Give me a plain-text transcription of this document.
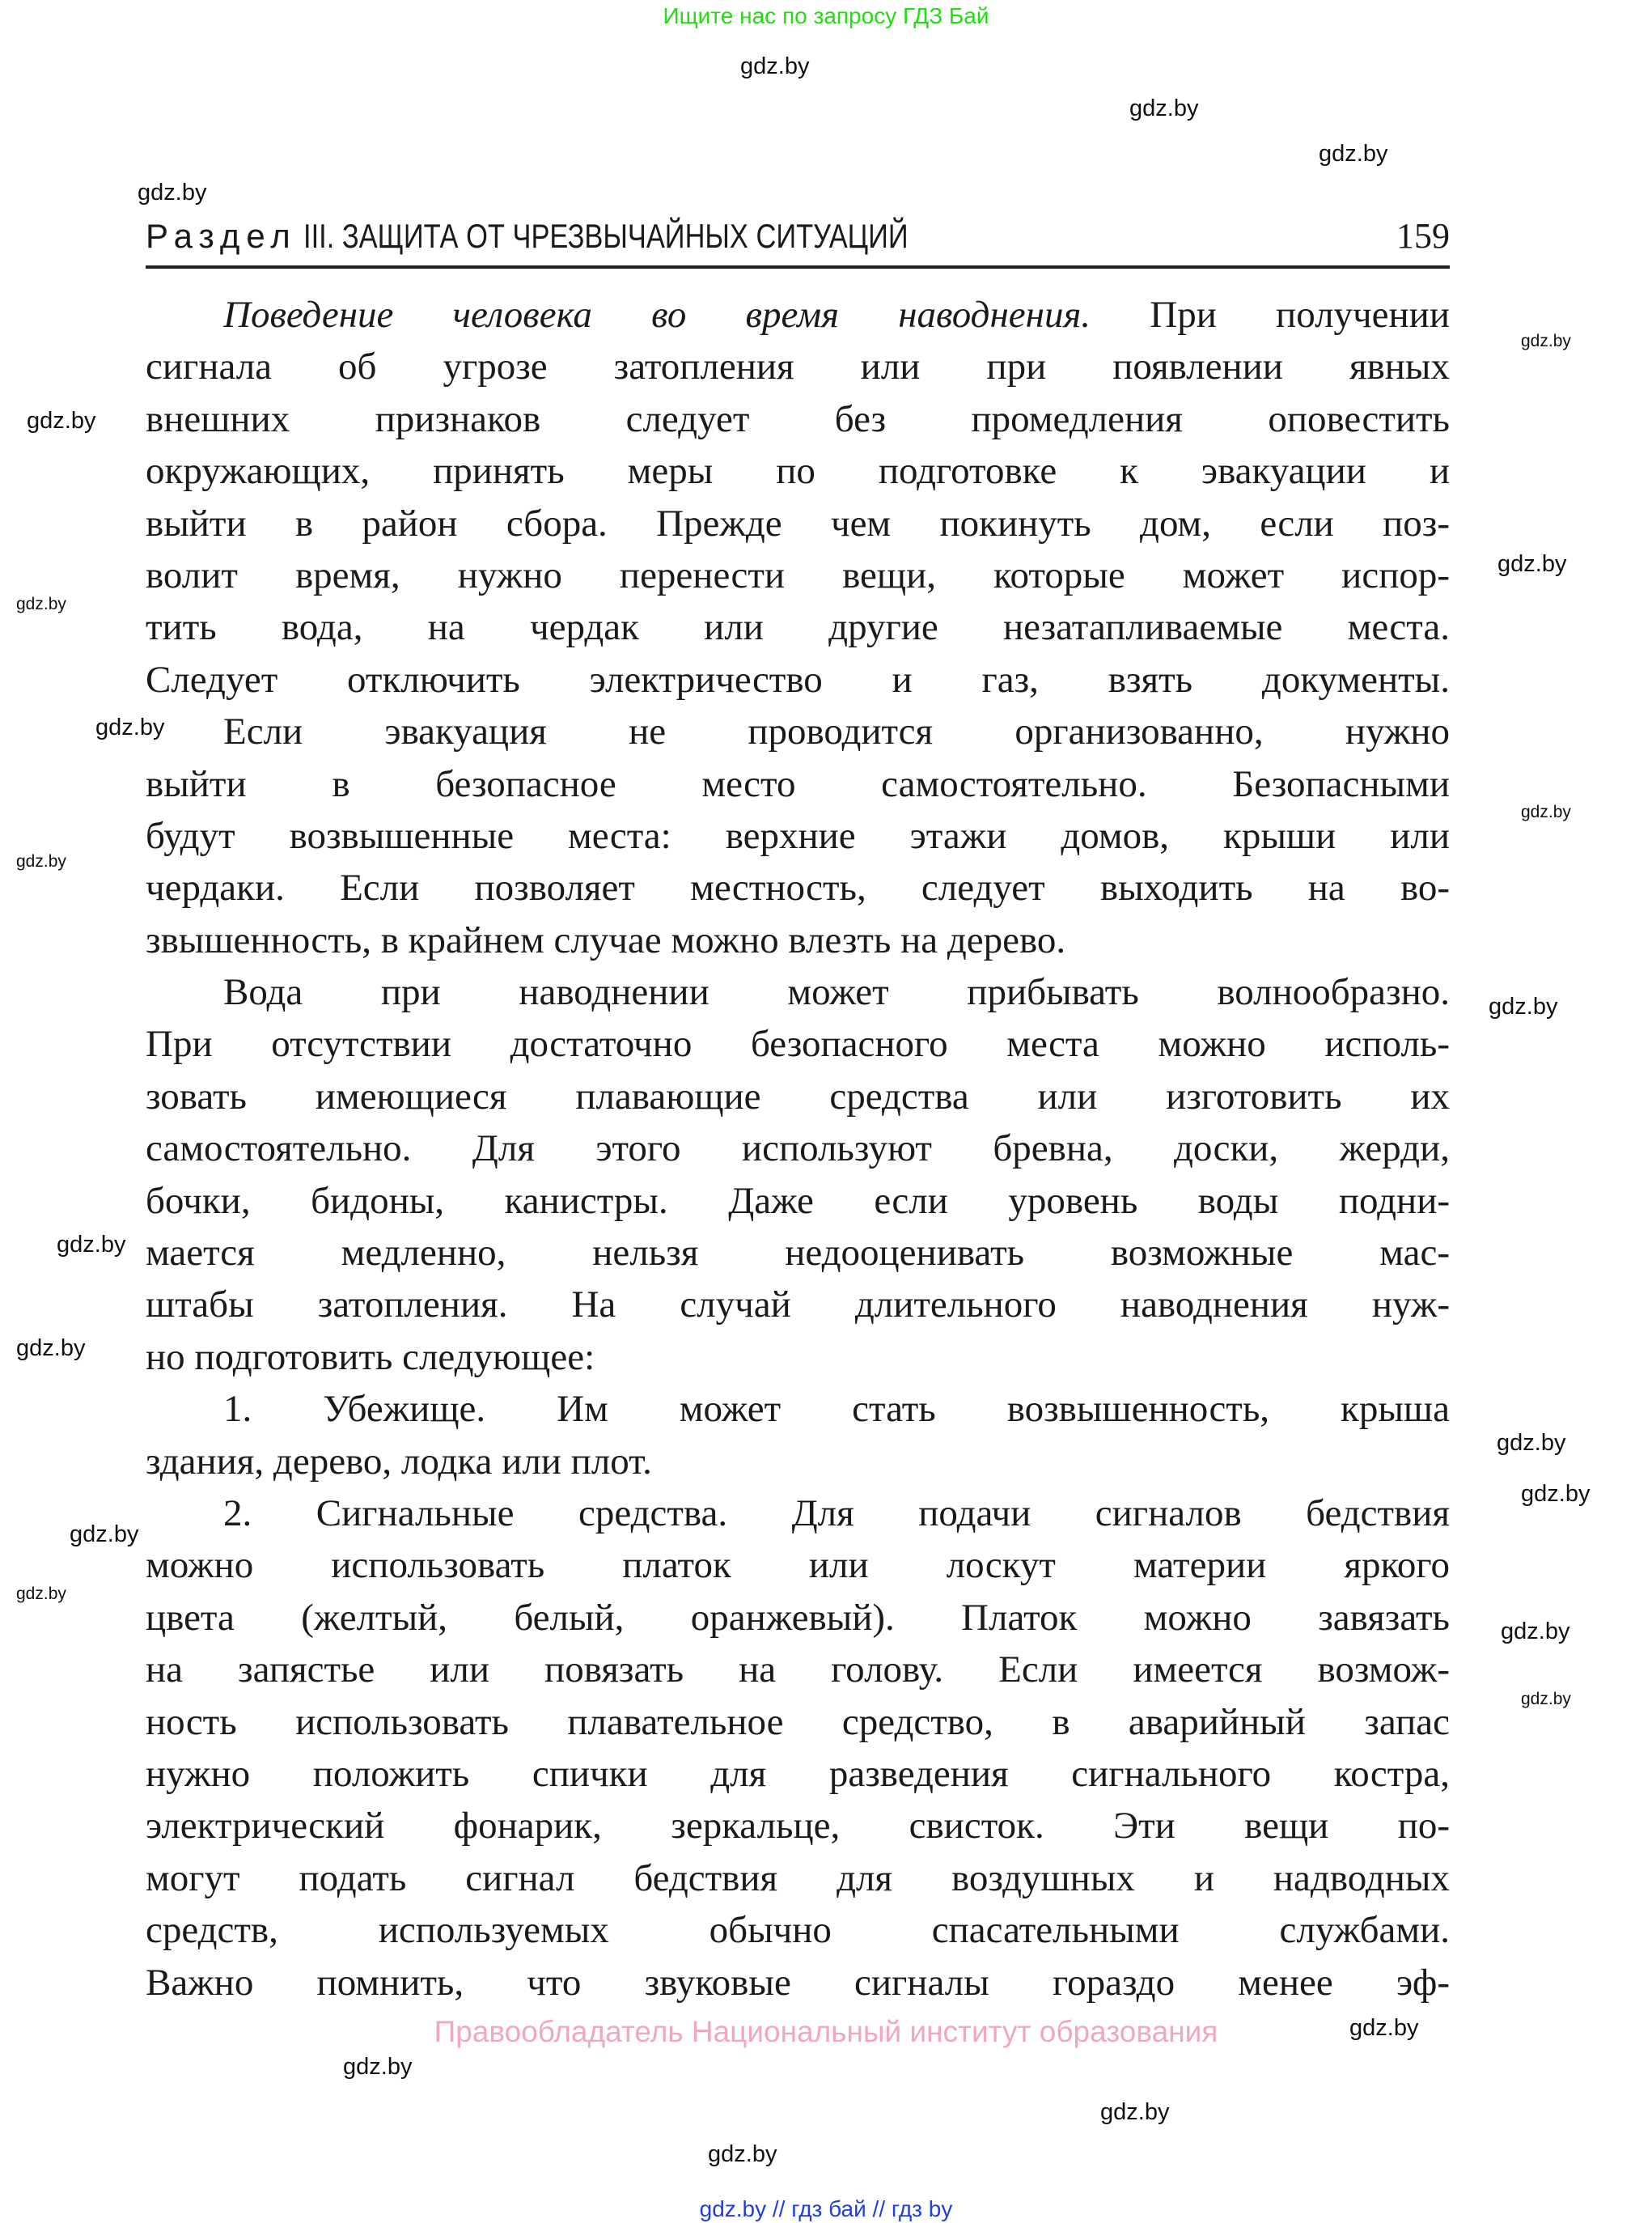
Ищите нас по запросу ГДЗ Бай
Раздел III. ЗАЩИТА ОТ ЧРЕЗВЫЧАЙНЫХ СИТУАЦИЙ	159
Поведение человека во время наводнения. При получении
сигнала об угрозе затопления или при появлении явных
внешних признаков следует без промедления оповестить
окружающих, принять меры по подготовке к эвакуации и
выйти в район сбора. Прежде чем покинуть дом, если поз-
волит время, нужно перенести вещи, которые может испор-
тить вода, на чердак или другие незатапливаемые места.
Следует отключить электричество и газ, взять документы.
Если эвакуация не проводится организованно, нужно
выйти в безопасное место самостоятельно. Безопасными
будут возвышенные места: верхние этажи домов, крыши или
чердаки. Если позволяет местность, следует выходить на во-
звышенность, в крайнем случае можно влезть на дерево.
Вода при наводнении может прибывать волнообразно.
При отсутствии достаточно безопасного места можно исполь-
зовать имеющиеся плавающие средства или изготовить их
самостоятельно. Для этого используют бревна, доски, жерди,
бочки, бидоны, канистры. Даже если уровень воды подни-
мается медленно, нельзя недооценивать возможные мас-
штабы затопления. На случай длительного наводнения нуж-
но подготовить следующее:
1. Убежище. Им может стать возвышенность, крыша
здания, дерево, лодка или плот.
2. Сигнальные средства. Для подачи сигналов бедствия
можно использовать платок или лоскут материи яркого
цвета (желтый, белый, оранжевый). Платок можно завязать
на запястье или повязать на голову. Если имеется возмож-
ность использовать плавательное средство, в аварийный запас
нужно положить спички для разведения сигнального костра,
электрический фонарик, зеркальце, свисток. Эти вещи по-
могут подать сигнал бедствия для воздушных и надводных
средств, используемых обычно спасательными службами.
Важно помнить, что звуковые сигналы гораздо менее эф-
gdz.by
gdz.by
gdz.by
gdz.by
gdz.by
gdz.by
gdz.by
gdz.by
gdz.by
gdz.by
gdz.by
gdz.by
gdz.by
gdz.by
gdz.by
gdz.by
gdz.by
gdz.by
gdz.by
gdz.by
gdz.by
gdz.by
gdz.by
gdz.by
Правообладатель Национальный институт образования
gdz.by // гдз бай // гдз by
